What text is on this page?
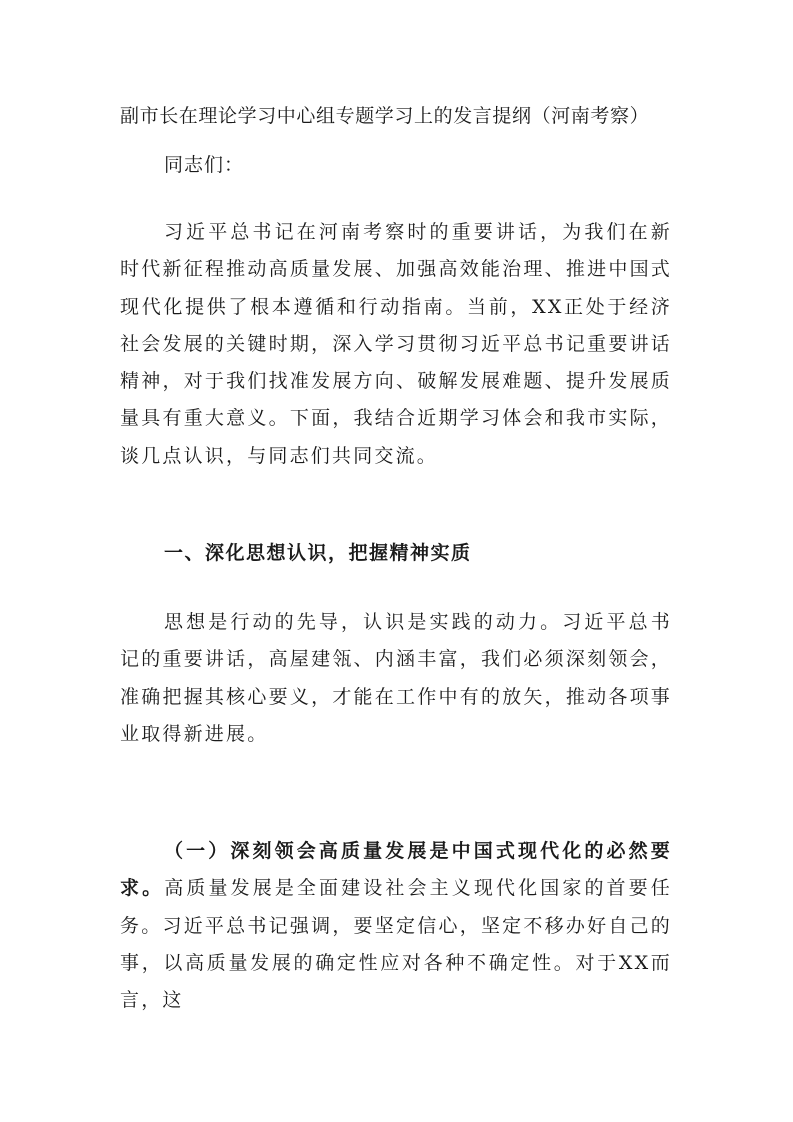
副市长在理论学习中心组专题学习上的发言提纲（河南考察）
同志们：

习近平总书记在河南考察时的重要讲话，为我们在新时代新征程推动高质量发展、加强高效能治理、推进中国式现代化提供了根本遵循和行动指南。当前，XX正处于经济社会发展的关键时期，深入学习贯彻习近平总书记重要讲话精神，对于我们找准发展方向、破解发展难题、提升发展质量具有重大意义。下面，我结合近期学习体会和我市实际，谈几点认识，与同志们共同交流。

一、深化思想认识，把握精神实质

思想是行动的先导，认识是实践的动力。习近平总书记的重要讲话，高屋建瓴、内涵丰富，我们必须深刻领会，准确把握其核心要义，才能在工作中有的放矢，推动各项事业取得新进展。

（一）深刻领会高质量发展是中国式现代化的必然要求。高质量发展是全面建设社会主义现代化国家的首要任务。习近平总书记强调，要坚定信心，坚定不移办好自己的事，以高质量发展的确定性应对各种不确定性。对于XX而言，这
